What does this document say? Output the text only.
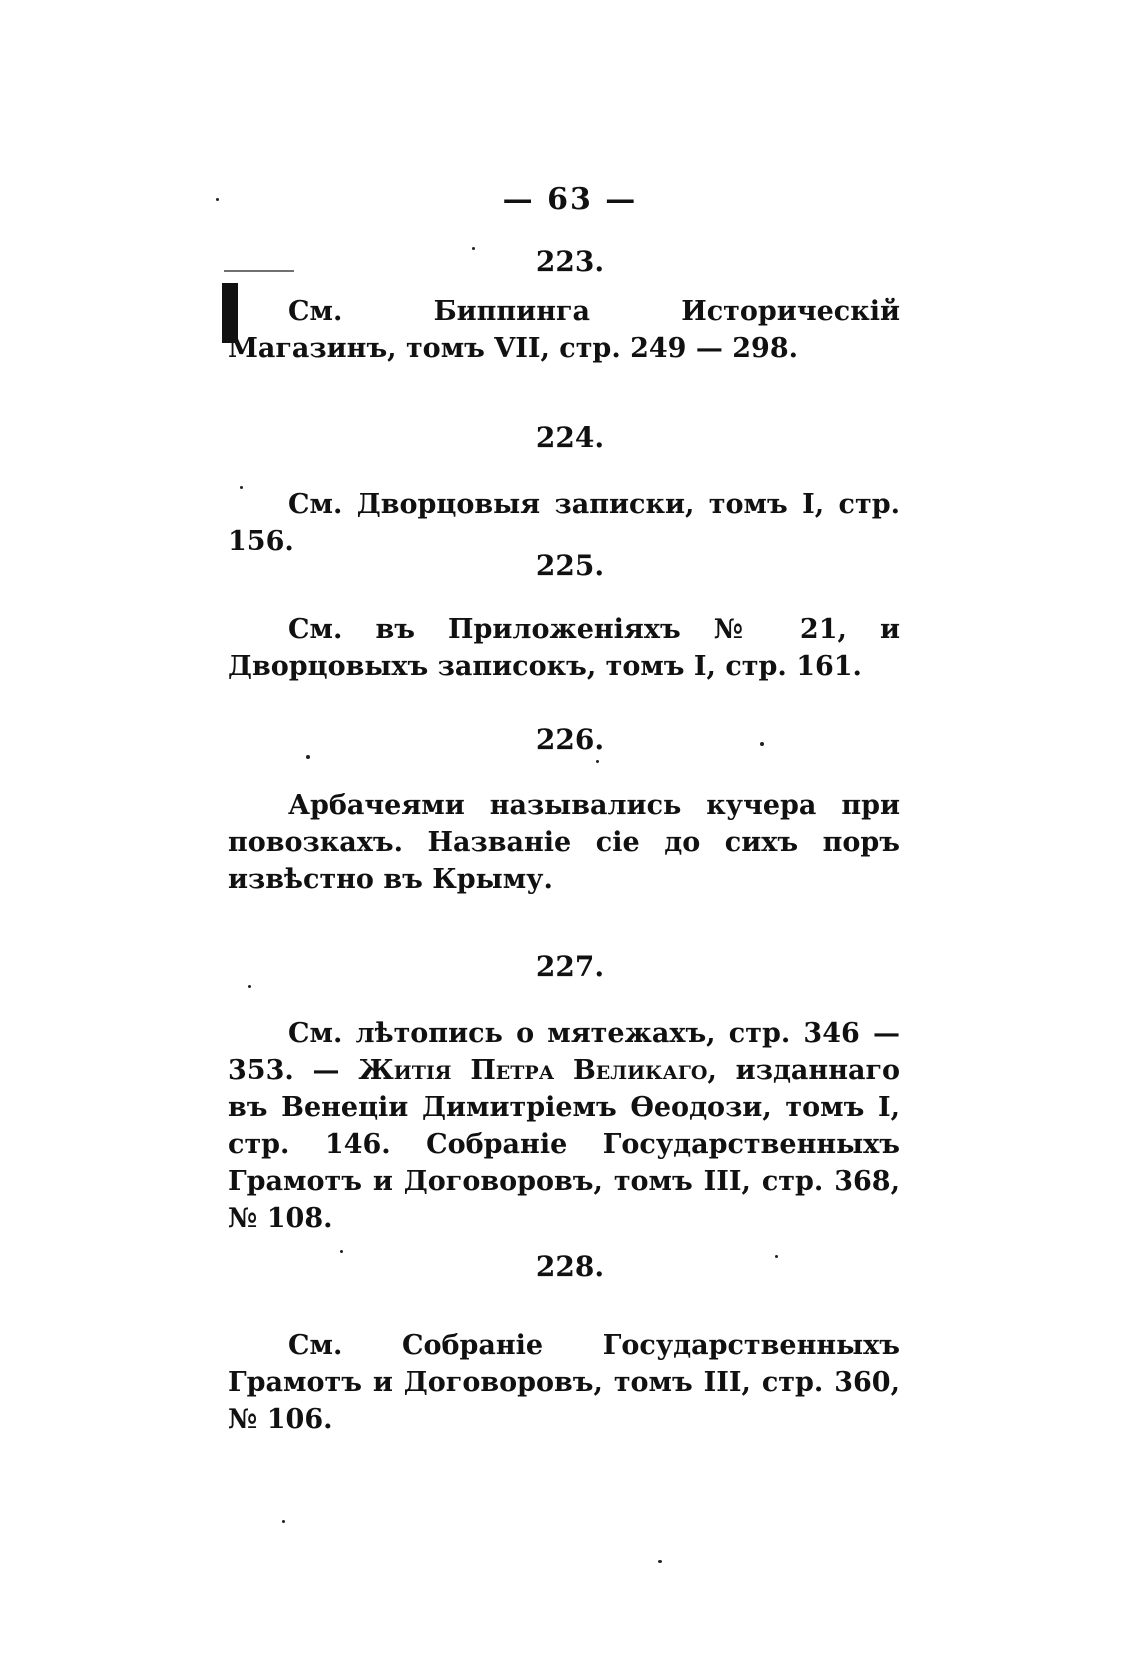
— 63 —
223.

См. Биппинга Историческій Магазинъ, томъ VII, стр. 249 — 298.

224.

См. Дворцовыя записки, томъ I, стр. 156.

225.

См. въ Приложеніяхъ № 21, и Дворцовыхъ записокъ, томъ I, стр. 161.

226.

Арбачеями назывались кучера при повозкахъ. Названіе сіе до сихъ поръ извѣстно въ Крыму.

227.

См. лѣтопись о мятежахъ, стр. 346 — 353. — Житія Петра Великаго, изданнаго въ Венеціи Димитріемъ Ѳеодози, томъ I, стр. 146. Собраніе Государственныхъ Грамотъ и Договоровъ, томъ III, стр. 368, № 108.

228.

См. Собраніе Государственныхъ Грамотъ и Договоровъ, томъ III, стр. 360, № 106.
